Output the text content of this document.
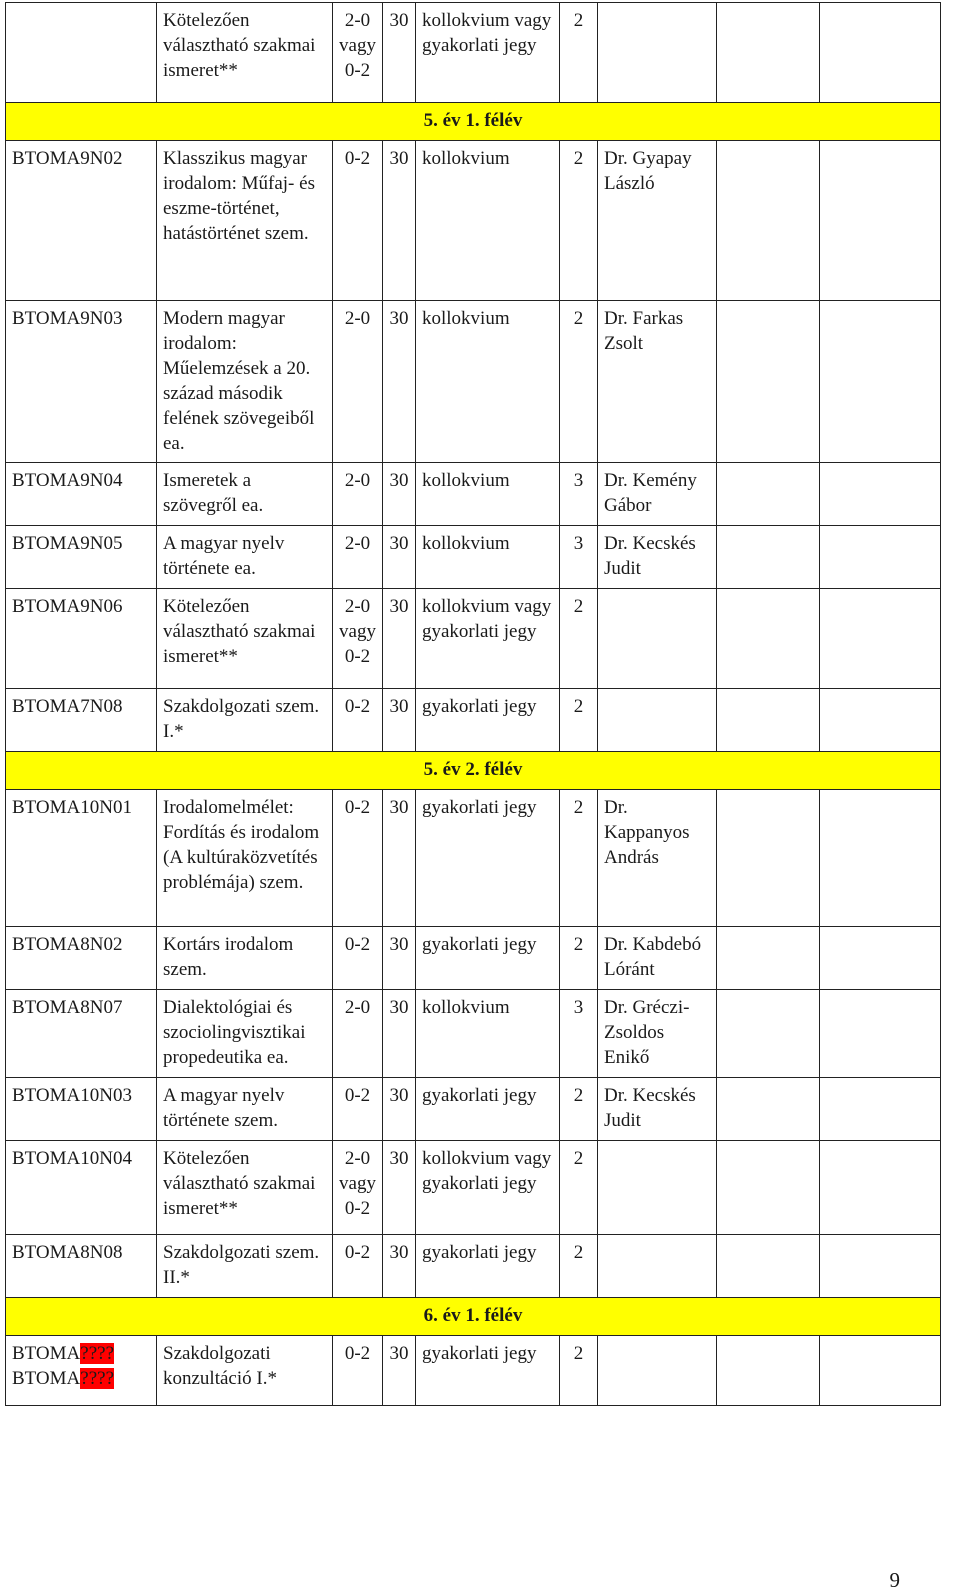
	Kötelezően választható szakmai ismeret**	2-0 vagy 0-2	30	kollokvium vagy gyakorlati jegy	2			
5. év 1. félév								
BTOMA9N02	Klasszikus magyar irodalom: Műfaj- és eszme-történet, hatástörténet szem.	0-2	30	kollokvium	2	Dr. Gyapay László		
BTOMA9N03	Modern magyar irodalom: Műelemzések a 20. század második felének szövegeiből ea.	2-0	30	kollokvium	2	Dr. Farkas Zsolt		
BTOMA9N04	Ismeretek a szövegről ea.	2-0	30	kollokvium	3	Dr. Kemény Gábor		
BTOMA9N05	A magyar nyelv története ea.	2-0	30	kollokvium	3	Dr. Kecskés Judit		
BTOMA9N06	Kötelezően választható szakmai ismeret**	2-0 vagy 0-2	30	kollokvium vagy gyakorlati jegy	2			
BTOMA7N08	Szakdolgozati szem. I.*	0-2	30	gyakorlati jegy	2			
5. év 2. félév								
BTOMA10N01	Irodalomelmélet: Fordítás és irodalom (A kultúraközvetítés problémája) szem.	0-2	30	gyakorlati jegy	2	Dr. Kappanyos András		
BTOMA8N02	Kortárs irodalom szem.	0-2	30	gyakorlati jegy	2	Dr. Kabdebó Lóránt		
BTOMA8N07	Dialektológiai és szociolingvisztikai propedeutika ea.	2-0	30	kollokvium	3	Dr. Gréczi-Zsoldos Enikő		
BTOMA10N03	A magyar nyelv története szem.	0-2	30	gyakorlati jegy	2	Dr. Kecskés Judit		
BTOMA10N04	Kötelezően választható szakmai ismeret**	2-0 vagy 0-2	30	kollokvium vagy gyakorlati jegy	2			
BTOMA8N08	Szakdolgozati szem. II.*	0-2	30	gyakorlati jegy	2			
6. év 1. félév								

BTOMA????
BTOMA????	Szakdolgozati konzultáció I.*	0-2	30	gyakorlati jegy	2			
9
